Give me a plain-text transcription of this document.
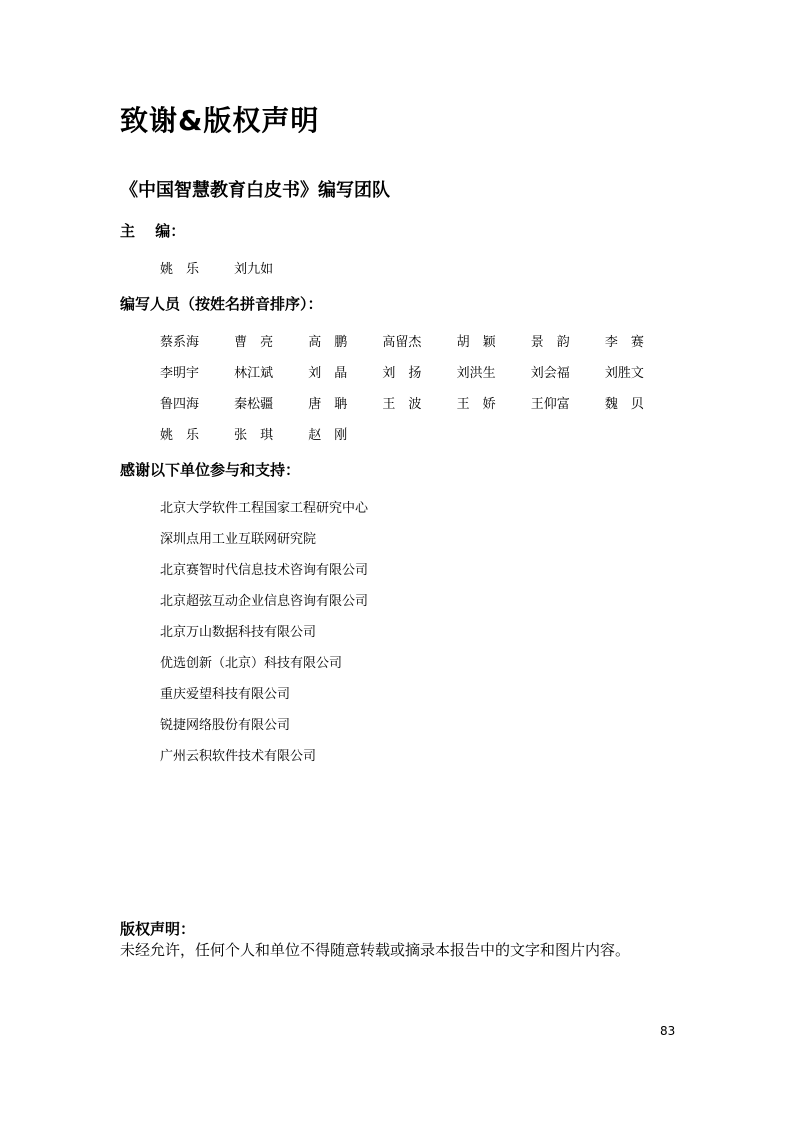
致谢&版权声明
《中国智慧教育白皮书》编写团队
主　 编：
姚　乐	刘九如
编写人员（按姓名拼音排序）：
蔡系海	曹　亮	高　鹏	高留杰	胡　颖	景　韵	李　赛
李明宇	林江斌	刘　晶	刘　扬	刘洪生	刘会福	刘胜文
鲁四海	秦松疆	唐　聃	王　波	王　娇	王仰富	魏　贝
姚　乐	张　琪	赵　刚
感谢以下单位参与和支持：
北京大学软件工程国家工程研究中心
深圳点用工业互联网研究院
北京赛智时代信息技术咨询有限公司
北京超弦互动企业信息咨询有限公司
北京万山数据科技有限公司
优选创新（北京）科技有限公司
重庆爱望科技有限公司
锐捷网络股份有限公司
广州云积软件技术有限公司
版权声明：

未经允许，任何个人和单位不得随意转载或摘录本报告中的文字和图片内容。

83
